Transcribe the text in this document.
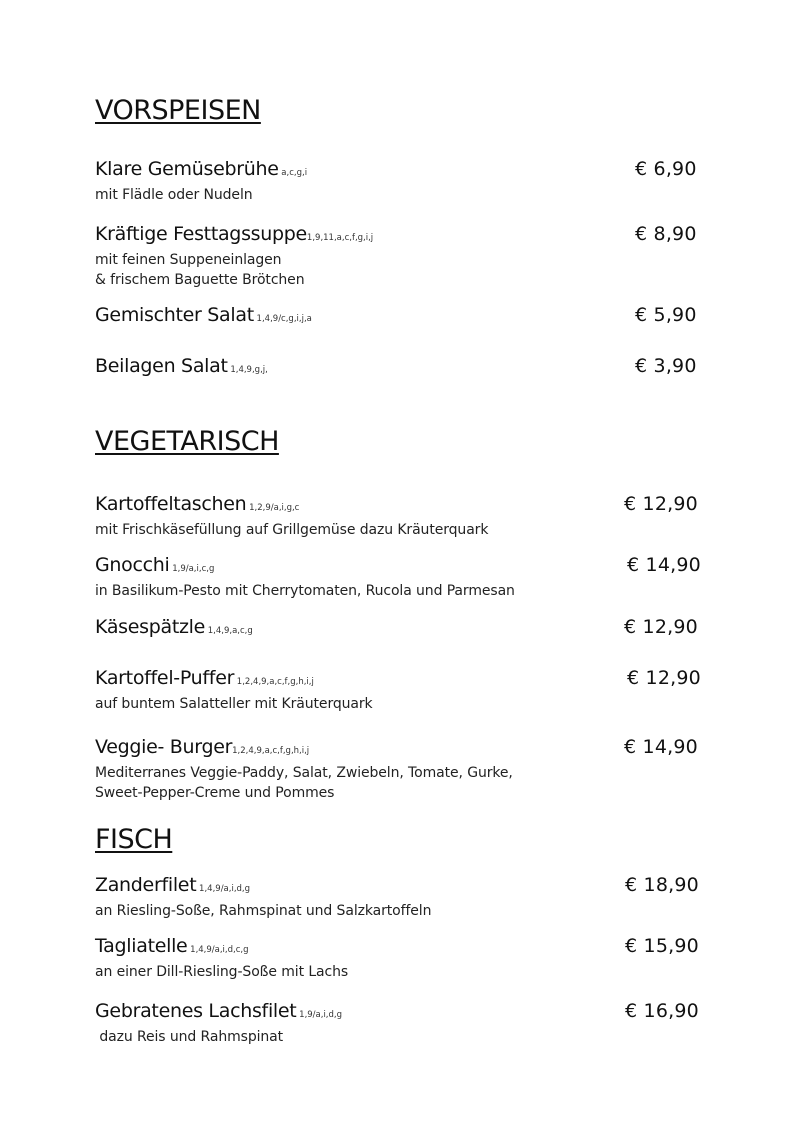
VORSPEISEN
Klare Gemüsebrühe a,c,g,i
mit Flädle oder Nudeln
€ 6,90
Kräftige Festtagssuppe1,9,11,a,c,f,g,i,j
mit feinen Suppeneinlagen
& frischem Baguette Brötchen
€ 8,90
Gemischter Salat 1,4,9/c,g,i,j,a	€ 5,90
Beilagen Salat 1,4,9,g,j,	€ 3,90
VEGETARISCH
Kartoffeltaschen 1,2,9/a,i,g,c
mit Frischkäsefüllung auf Grillgemüse dazu Kräuterquark
€ 12,90
Gnocchi 1,9/a,i,c,g
in Basilikum-Pesto mit Cherrytomaten, Rucola und Parmesan
€ 14,90
Käsespätzle 1,4,9,a,c,g	€ 12,90
Kartoffel-Puffer 1,2,4,9,a,c,f,g,h,i,j
auf buntem Salatteller mit Kräuterquark
€ 12,90
Veggie- Burger1,2,4,9,a,c,f,g,h,i,j
Mediterranes Veggie-Paddy, Salat, Zwiebeln, Tomate, Gurke,
Sweet-Pepper-Creme und Pommes
€ 14,90
FISCH
Zanderfilet 1,4,9/a,i,d,g
an Riesling-Soße, Rahmspinat und Salzkartoffeln
€ 18,90
Tagliatelle 1,4,9/a,i,d,c,g
an einer Dill-Riesling-Soße mit Lachs
€ 15,90
Gebratenes Lachsfilet 1,9/a,i,d,g
dazu Reis und Rahmspinat
€ 16,90
